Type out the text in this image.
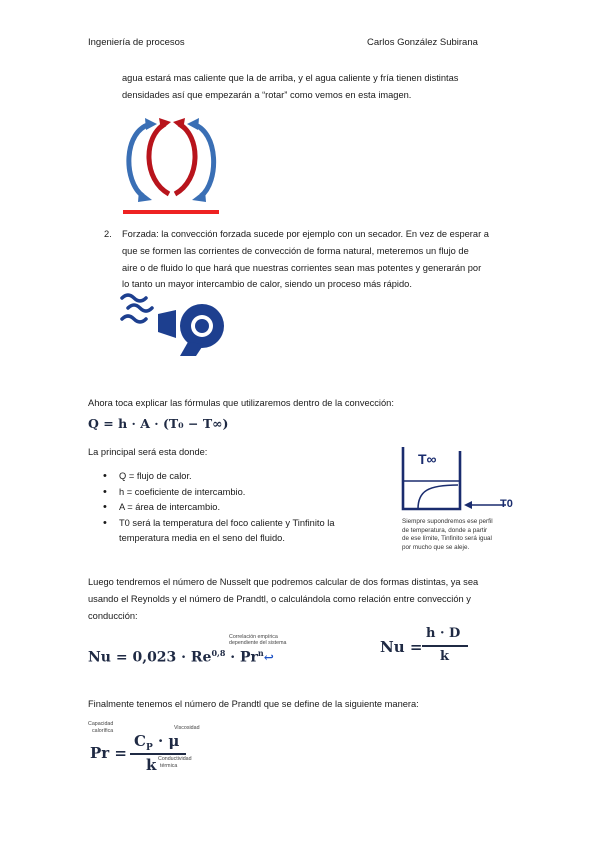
Ingeniería de procesos	Carlos González Subirana
agua estará mas caliente que la de arriba, y el agua caliente y fría tienen distintas
densidades así que empezarán a “rotar” como vemos en esta imagen.
2. Forzada: la convección forzada sucede por ejemplo con un secador. En vez de esperar a
que se formen las corrientes de convección de forma natural, meteremos un flujo de
aire o de fluido lo que hará que nuestras corrientes sean mas potentes y generarán por
lo tanto un mayor intercambio de calor, siendo un proceso más rápido.
Ahora toca explicar las fórmulas que utilizaremos dentro de la convección:
Q = h · A · (T₀ − T∞)
La principal será esta donde:
• Q = flujo de calor.
• h = coeficiente de intercambio.
• A = área de intercambio.
• T0 será la temperatura del foco caliente y Tinfinito la
temperatura media en el seno del fluido.
T∞
T0
Siempre supondremos ese perfil
de temperatura, donde a partir
de ese límite, Tinfinito será igual
por mucho que se aleje.
Luego tendremos el número de Nusselt que podremos calcular de dos formas distintas, ya sea
usando el Reynolds y el número de Prandtl, o calculándola como relación entre convección y
conducción:
$Nu = 0,023 \cdot Re^{0,8} \cdot Pr^n↩$
Correlación empírica
dependiente del sistema	Nu =
h · D
k
Finalmente tenemos el número de Prandtl que se define de la siguiente manera:
Capacidad
calorífica	Viscosidad
Pr =
$C_P \cdot \mu$
k Conductividad
térmica
